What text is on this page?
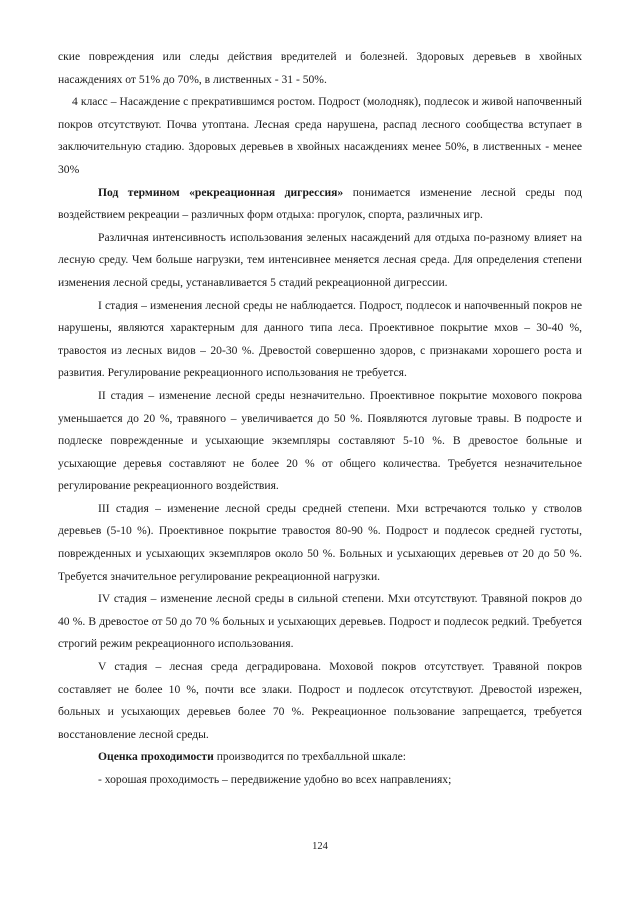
ские повреждения или следы действия вредителей и болезней. Здоровых деревьев в хвойных насаждениях от 51% до 70%, в лиственных - 31 - 50%.

4 класс – Насаждение с прекратившимся ростом. Подрост (молодняк), подлесок и живой напочвенный покров отсутствуют. Почва утоптана. Лесная среда нарушена, распад лесного сообщества вступает в заключительную стадию. Здоровых деревьев в хвойных насаждениях менее 50%, в лиственных - менее 30%

Под термином «рекреационная дигрессия» понимается изменение лесной среды под воздействием рекреации – различных форм отдыха: прогулок, спорта, различных игр.

Различная интенсивность использования зеленых насаждений для отдыха по-разному влияет на лесную среду. Чем больше нагрузки, тем интенсивнее меняется лесная среда. Для определения степени изменения лесной среды, устанавливается 5 стадий рекреационной дигрессии.

I стадия – изменения лесной среды не наблюдается. Подрост, подлесок и напочвенный покров не нарушены, являются характерным для данного типа леса. Проективное покрытие мхов – 30-40 %, травостоя из лесных видов – 20-30 %. Древостой совершенно здоров, с признаками хорошего роста и развития. Регулирование рекреационного использования не требуется.

II стадия – изменение лесной среды незначительно. Проективное покрытие мохового покрова уменьшается до 20 %, травяного – увеличивается до 50 %. Появляются луговые травы. В подросте и подлеске поврежденные и усыхающие экземпляры составляют 5-10 %. В древостое больные и усыхающие деревья составляют не более 20 % от общего количества. Требуется незначительное регулирование рекреационного воздействия.

III стадия – изменение лесной среды средней степени. Мхи встречаются только у стволов деревьев (5-10 %). Проективное покрытие травостоя 80-90 %. Подрост и подлесок средней густоты, поврежденных и усыхающих экземпляров около 50 %. Больных и усыхающих деревьев от 20 до 50 %. Требуется значительное регулирование рекреационной нагрузки.

IV стадия – изменение лесной среды в сильной степени. Мхи отсутствуют. Травяной покров до 40 %. В древостое от 50 до 70 % больных и усыхающих деревьев. Подрост и подлесок редкий. Требуется строгий режим рекреационного использования.

V стадия – лесная среда деградирована. Моховой покров отсутствует. Травяной покров составляет не более 10 %, почти все злаки. Подрост и подлесок отсутствуют. Древостой изрежен, больных и усыхающих деревьев более 70 %. Рекреационное пользование запрещается, требуется восстановление лесной среды.

Оценка проходимости производится по трехбалльной шкале:

- хорошая проходимость – передвижение удобно во всех направлениях;

124
